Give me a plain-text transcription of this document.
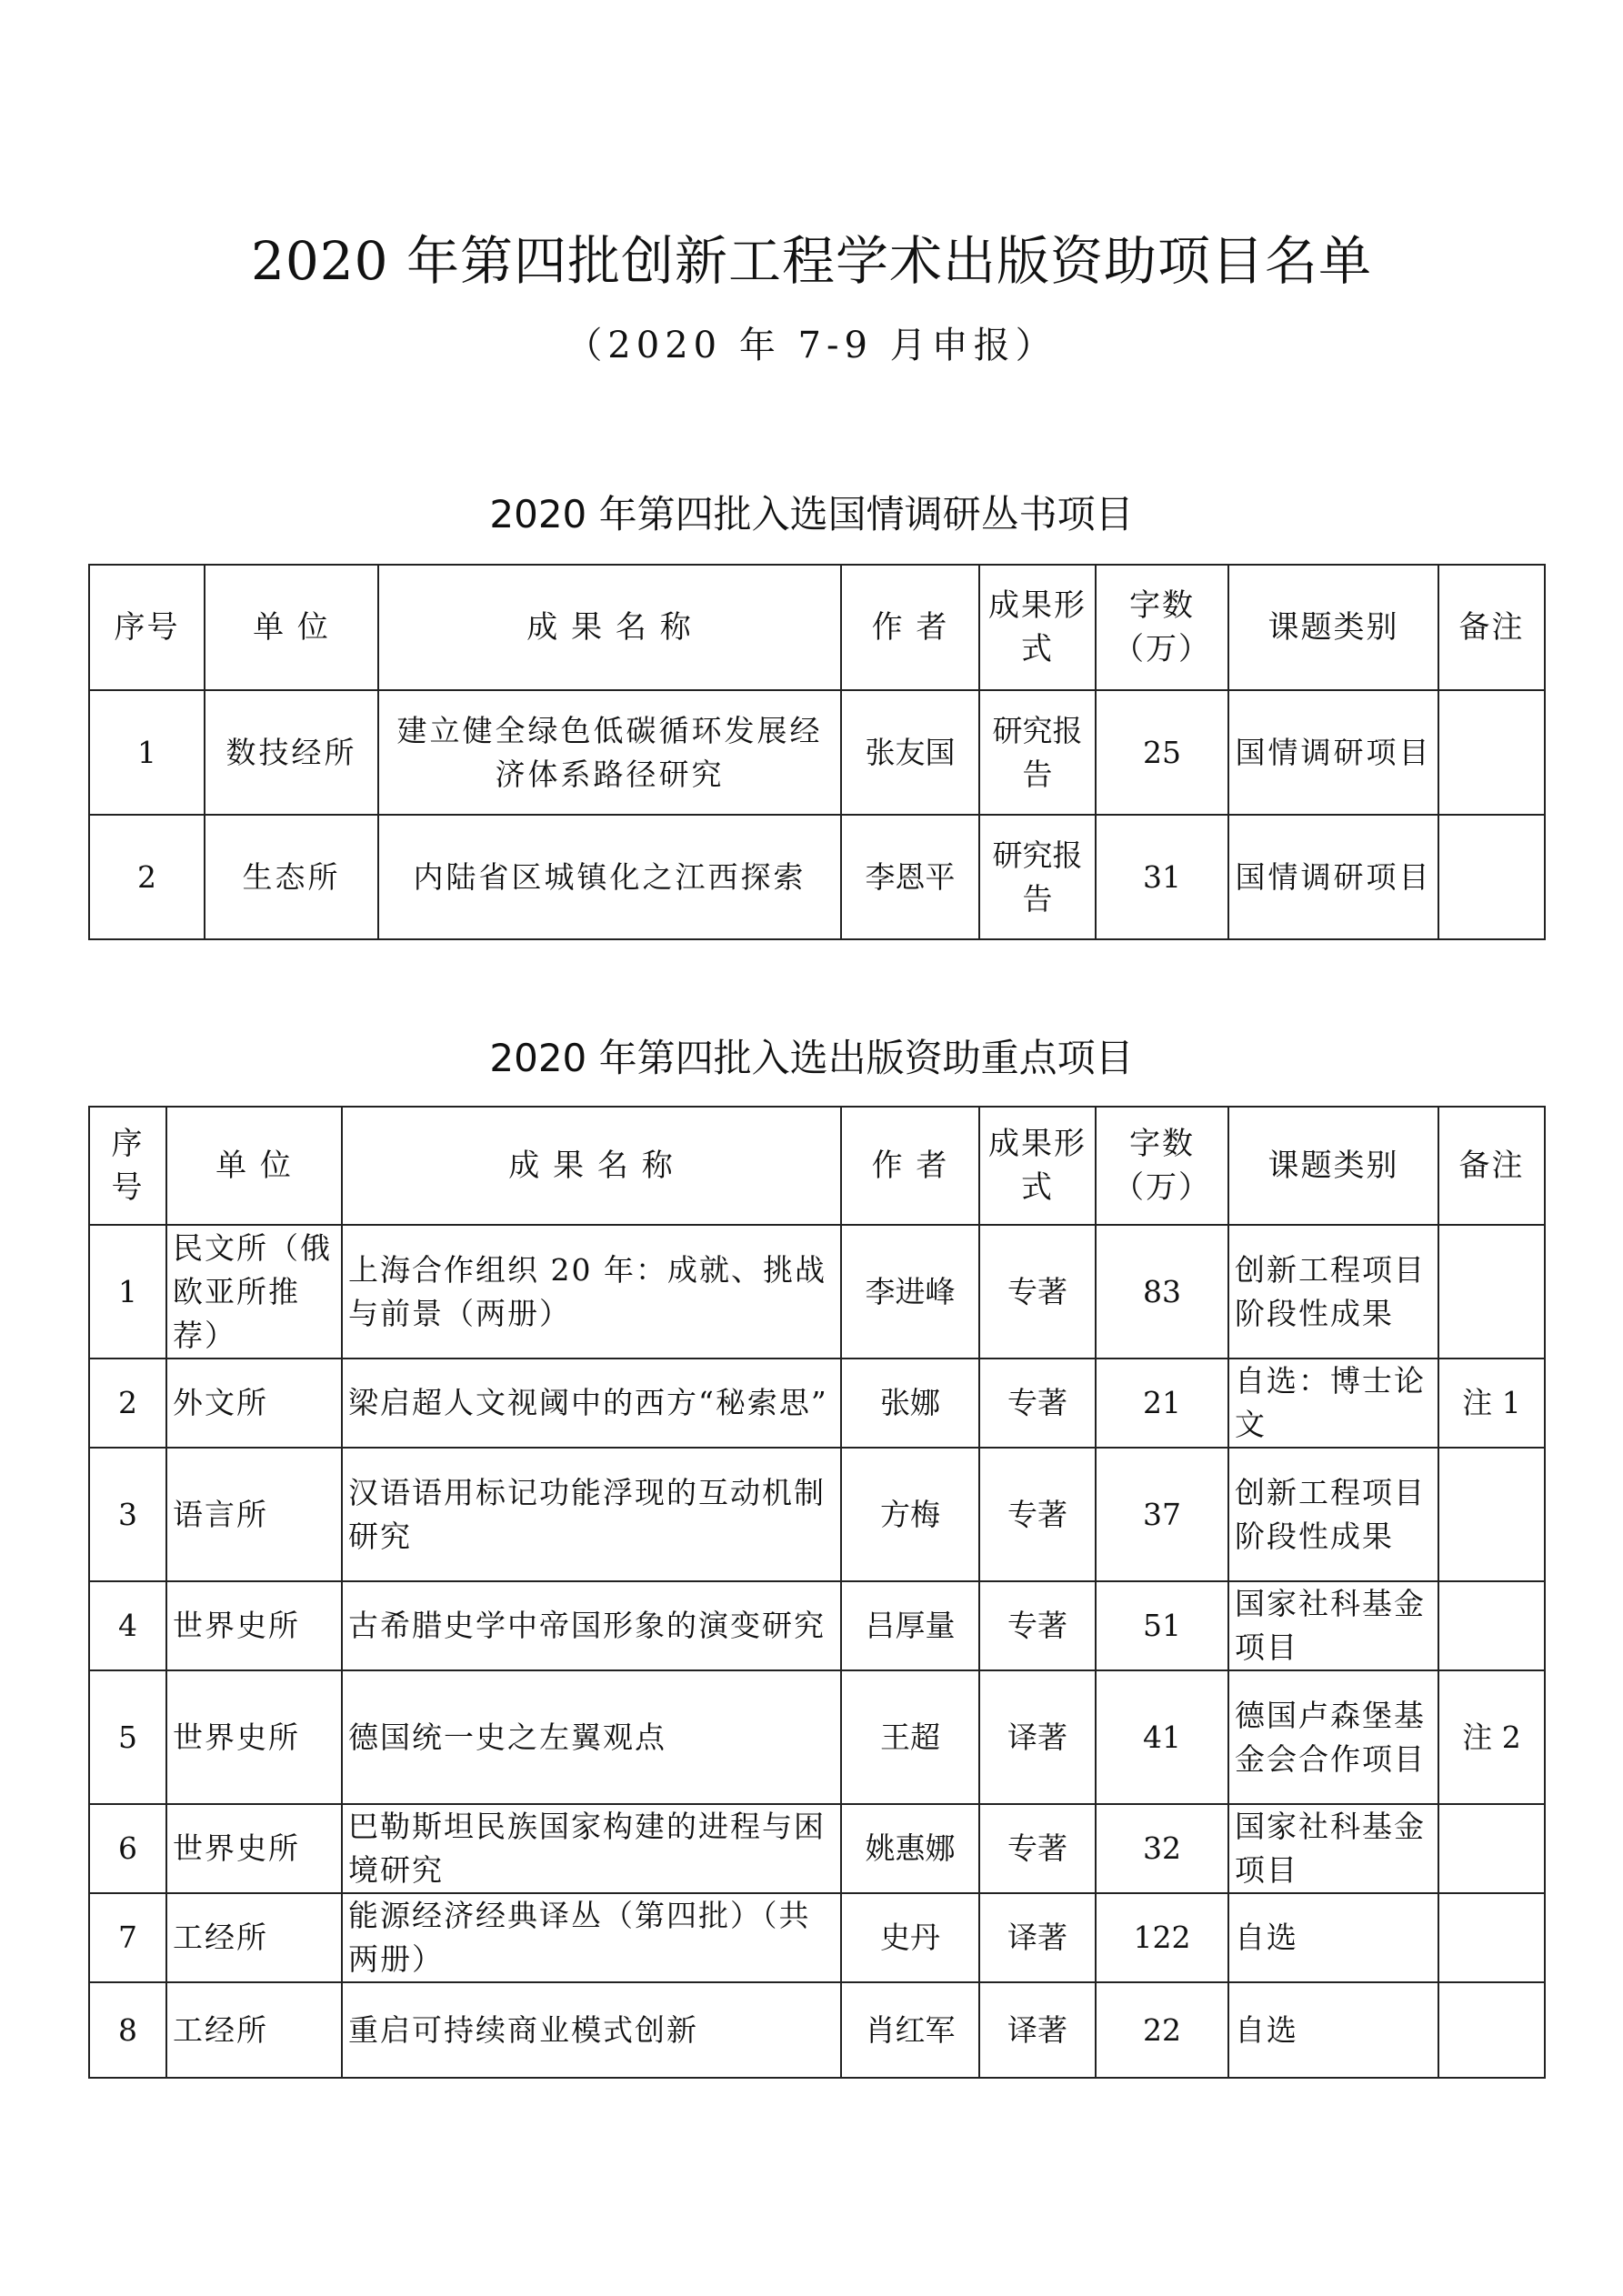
2020 年第四批创新工程学术出版资助项目名单
（2020 年 7-9 月申报）
2020 年第四批入选国情调研丛书项目
序号	单 位	成 果 名 称	作 者	成果形式	字数（万）	课题类别	备注
1	数技经所	建立健全绿色低碳循环发展经济体系路径研究	张友国	研究报告	25	国情调研项目	
2	生态所	内陆省区城镇化之江西探索	李恩平	研究报告	31	国情调研项目	
2020 年第四批入选出版资助重点项目
序号	单 位	成 果 名 称	作 者	成果形式	字数（万）	课题类别	备注
1	民文所（俄欧亚所推荐）	上海合作组织 20 年：成就、挑战与前景（两册）	李进峰	专著	83	创新工程项目阶段性成果	
2	外文所	梁启超人文视阈中的西方“秘索思”	张娜	专著	21	自选：博士论文	注 1
3	语言所	汉语语用标记功能浮现的互动机制研究	方梅	专著	37	创新工程项目阶段性成果	
4	世界史所	古希腊史学中帝国形象的演变研究	吕厚量	专著	51	国家社科基金项目	
5	世界史所	德国统一史之左翼观点	王超	译著	41	德国卢森堡基金会合作项目	注 2
6	世界史所	巴勒斯坦民族国家构建的进程与困境研究	姚惠娜	专著	32	国家社科基金项目	
7	工经所	能源经济经典译丛（第四批）（共两册）	史丹	译著	122	自选	
8	工经所	重启可持续商业模式创新	肖红军	译著	22	自选	
